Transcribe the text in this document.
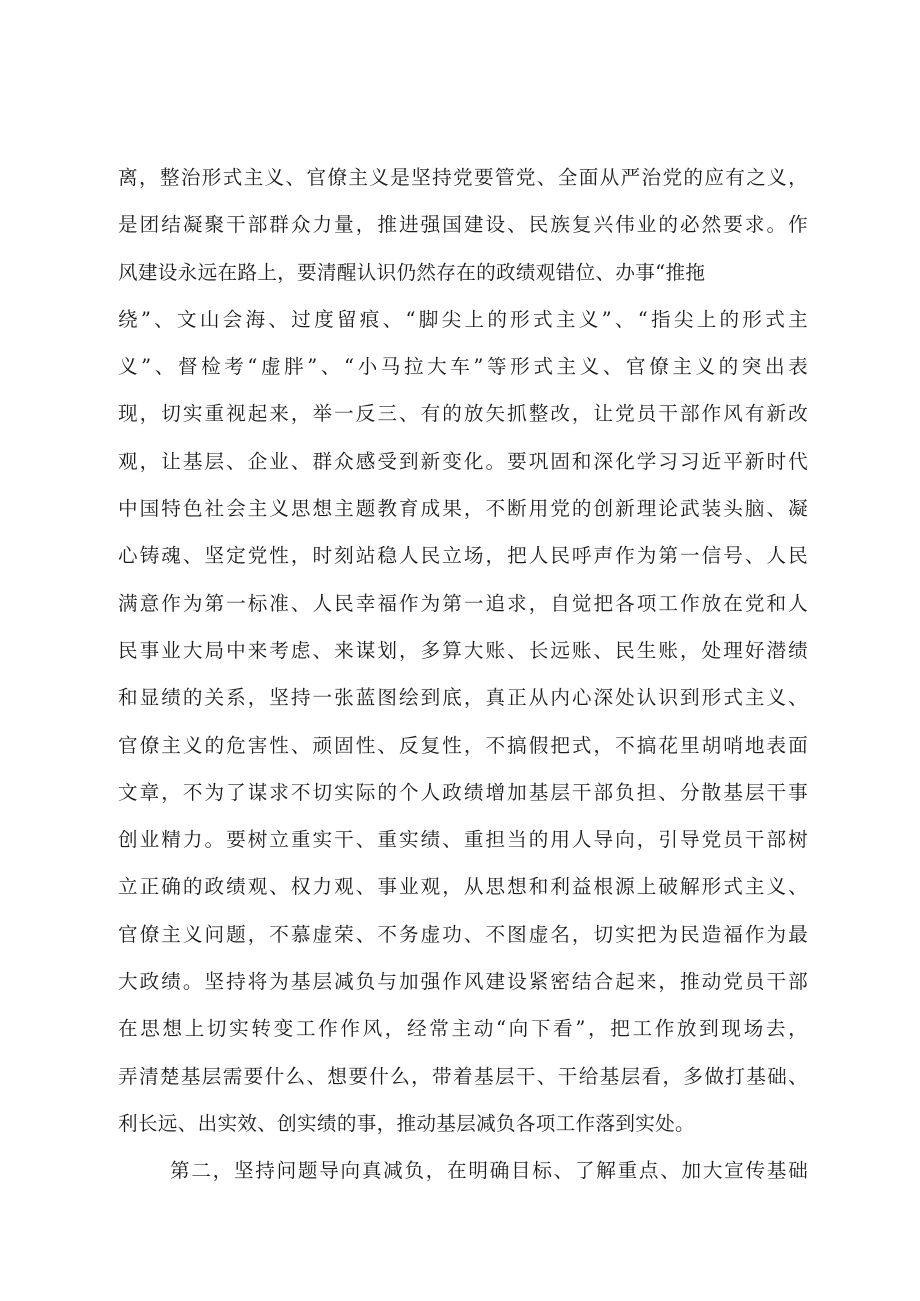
离，整治形式主义、官僚主义是坚持党要管党、全面从严治党的应有之义，
是团结凝聚干部群众力量，推进强国建设、民族复兴伟业的必然要求。作
风建设永远在路上，要清醒认识仍然存在的政绩观错位、办事“推拖
绕”、文山会海、过度留痕、“脚尖上的形式主义”、“指尖上的形式主
义”、督检考“虚胖”、“小马拉大车”等形式主义、官僚主义的突出表
现，切实重视起来，举一反三、有的放矢抓整改，让党员干部作风有新改
观，让基层、企业、群众感受到新变化。要巩固和深化学习习近平新时代
中国特色社会主义思想主题教育成果，不断用党的创新理论武装头脑、凝
心铸魂、坚定党性，时刻站稳人民立场，把人民呼声作为第一信号、人民
满意作为第一标准、人民幸福作为第一追求，自觉把各项工作放在党和人
民事业大局中来考虑、来谋划，多算大账、长远账、民生账，处理好潜绩
和显绩的关系，坚持一张蓝图绘到底，真正从内心深处认识到形式主义、
官僚主义的危害性、顽固性、反复性，不搞假把式，不搞花里胡哨地表面
文章，不为了谋求不切实际的个人政绩增加基层干部负担、分散基层干事
创业精力。要树立重实干、重实绩、重担当的用人导向，引导党员干部树
立正确的政绩观、权力观、事业观，从思想和利益根源上破解形式主义、
官僚主义问题，不慕虚荣、不务虚功、不图虚名，切实把为民造福作为最
大政绩。坚持将为基层减负与加强作风建设紧密结合起来，推动党员干部
在思想上切实转变工作作风，经常主动“向下看”，把工作放到现场去，
弄清楚基层需要什么、想要什么，带着基层干、干给基层看，多做打基础、
利长远、出实效、创实绩的事，推动基层减负各项工作落到实处。
第二，坚持问题导向真减负，在明确目标、了解重点、加大宣传基础
